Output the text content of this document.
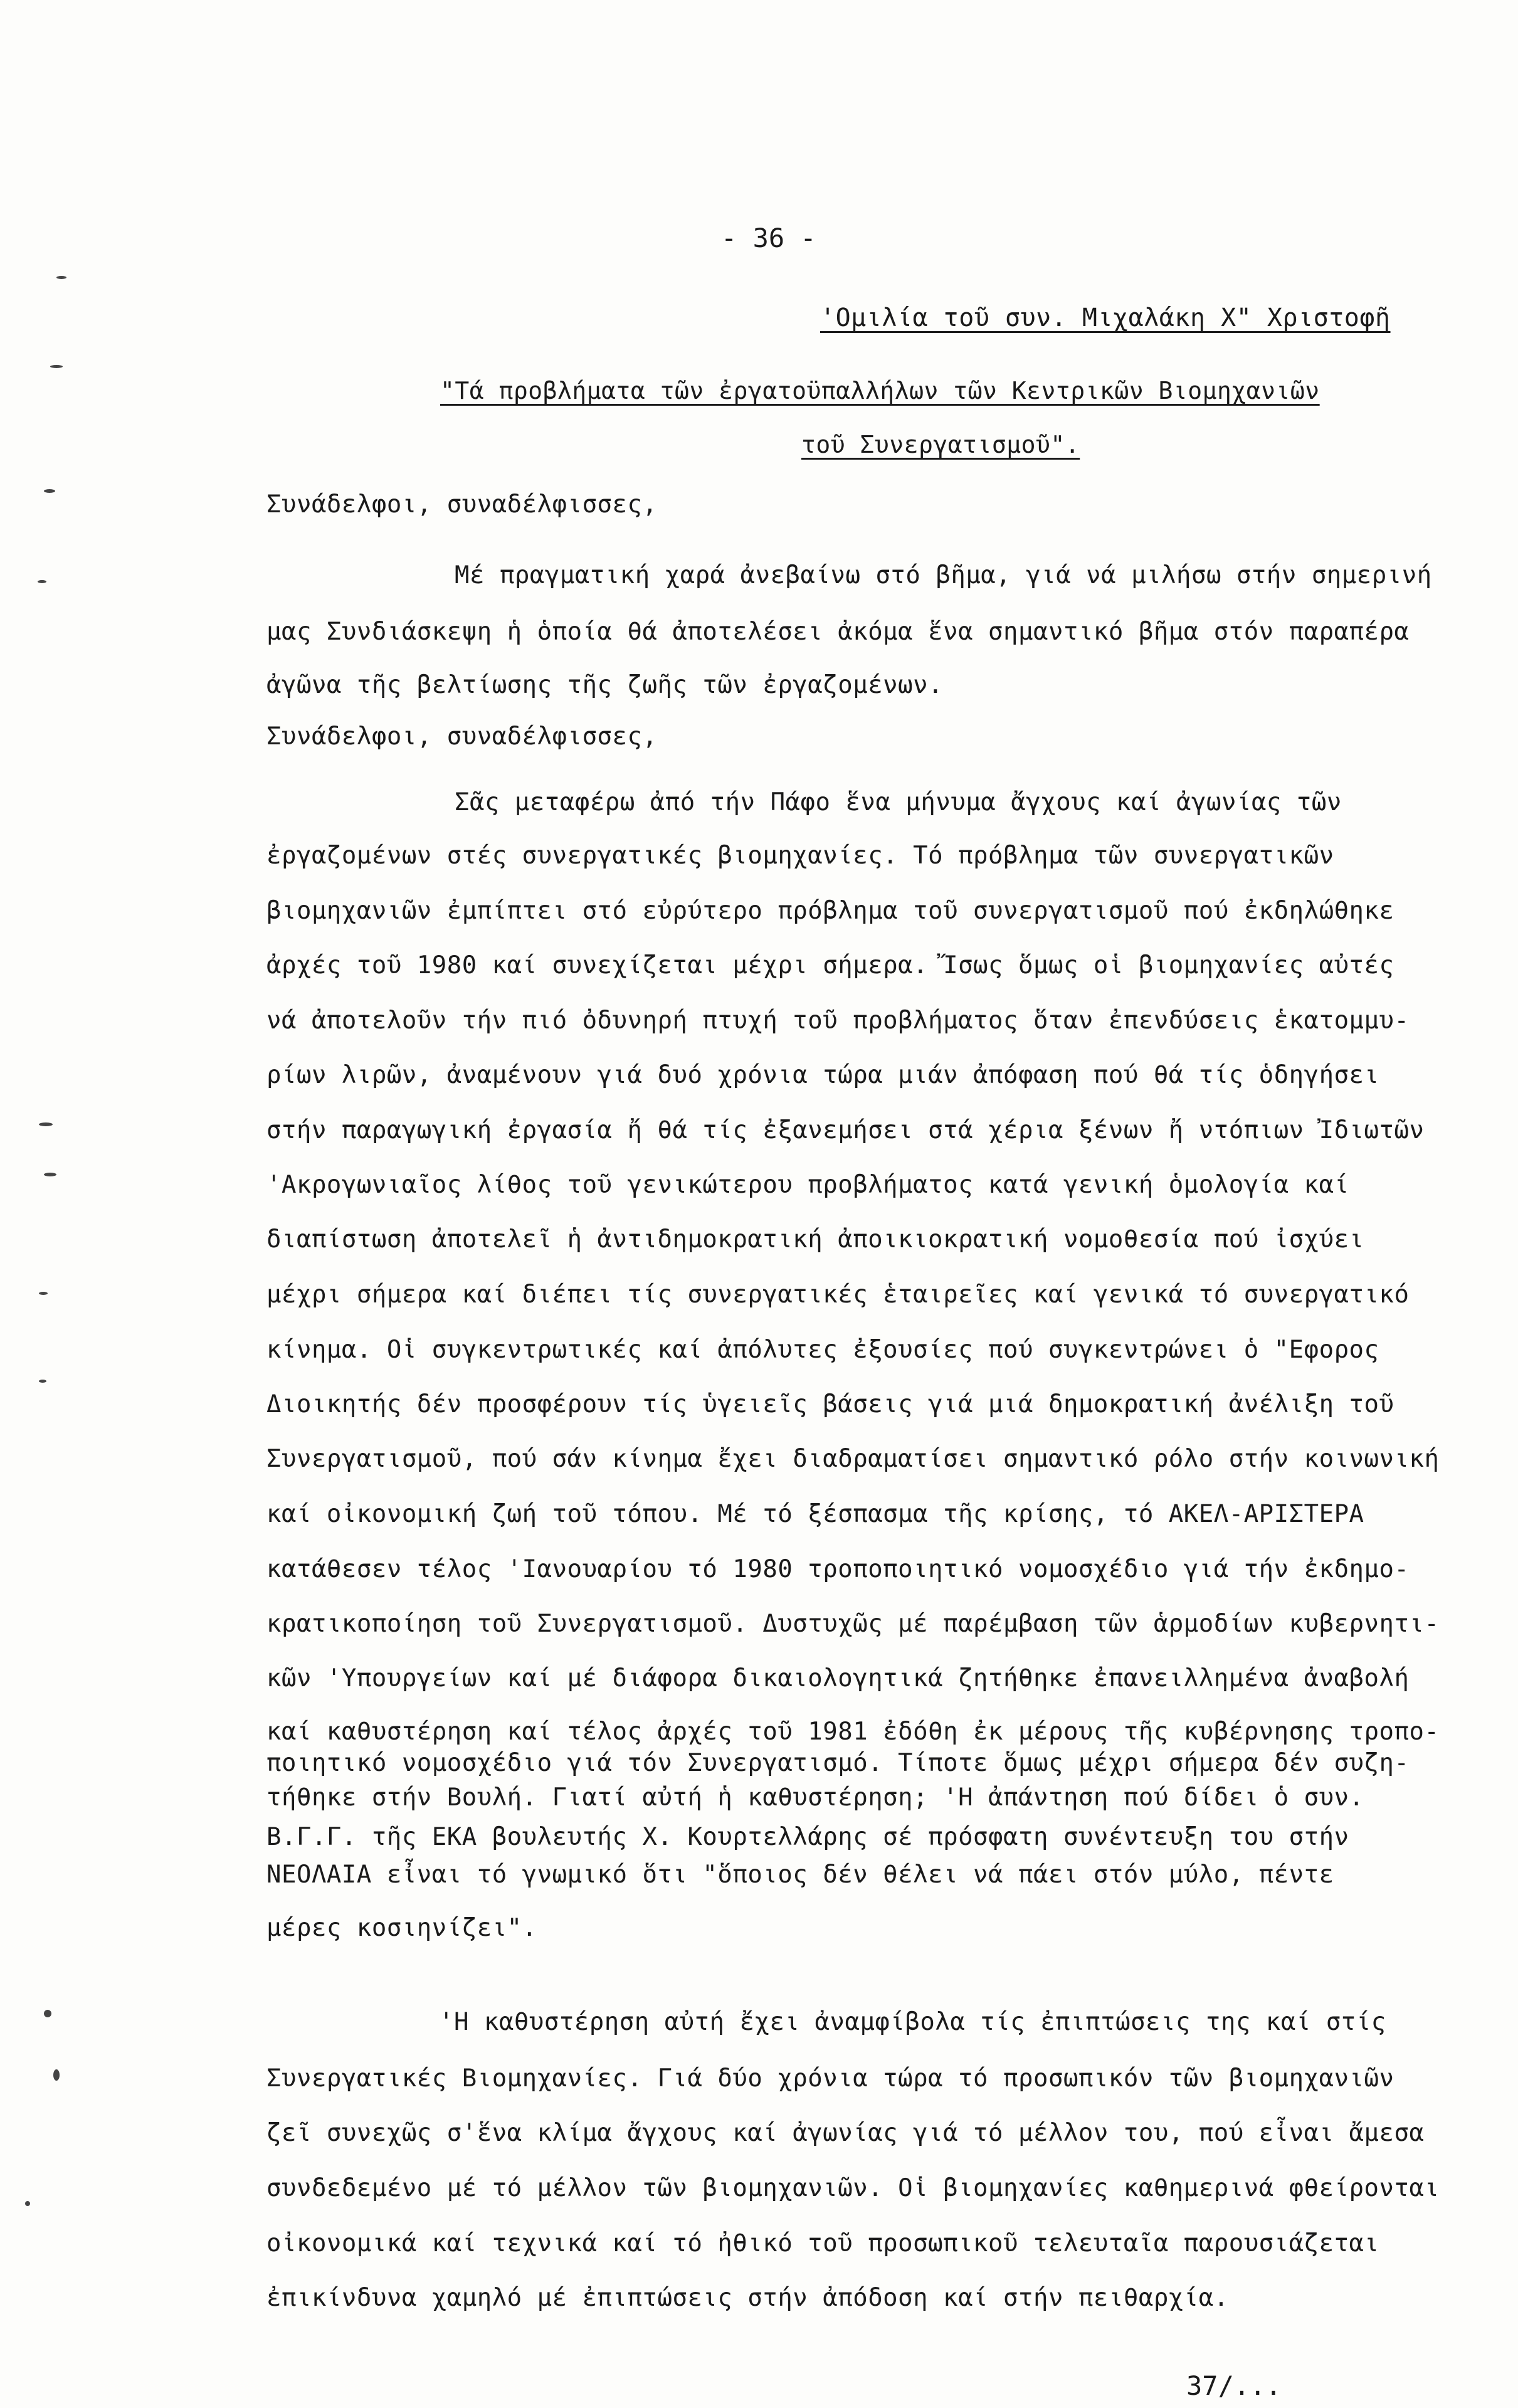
- 36 -
'Ομιλία τοῦ συν. Μιχαλάκη Χ" Χριστοφῆ
"Τά προβλήματα τῶν ἐργατοϋπαλλήλων τῶν Κεντρικῶν Βιομηχανιῶν
τοῦ Συνεργατισμοῦ".
Συνάδελφοι, συναδέλφισσες,
Μέ πραγματική χαρά ἀνεβαίνω στό βῆμα, γιά νά μιλήσω στήν σημερινή
μας Συνδιάσκεψη ἡ ὁποία θά ἀποτελέσει ἀκόμα ἕνα σημαντικό βῆμα στόν παραπέρα
ἀγῶνα τῆς βελτίωσης τῆς ζωῆς τῶν ἐργαζομένων.
Συνάδελφοι, συναδέλφισσες,
Σᾶς μεταφέρω ἀπό τήν Πάφο ἕνα μήνυμα ἄγχους καί ἀγωνίας τῶν
ἐργαζομένων στές συνεργατικές βιομηχανίες. Τό πρόβλημα τῶν συνεργατικῶν
βιομηχανιῶν ἐμπίπτει στό εὐρύτερο πρόβλημα τοῦ συνεργατισμοῦ πού ἐκδηλώθηκε
ἀρχές τοῦ 1980 καί συνεχίζεται μέχρι σήμερα. Ἴσως ὅμως οἱ βιομηχανίες αὐτές
νά ἀποτελοῦν τήν πιό ὀδυνηρή πτυχή τοῦ προβλήματος ὅταν ἐπενδύσεις ἑκατομμυ-
ρίων λιρῶν, ἀναμένουν γιά δυό χρόνια τώρα μιάν ἀπόφαση πού θά τίς ὁδηγήσει
στήν παραγωγική ἐργασία ἤ θά τίς ἐξανεμήσει στά χέρια ξένων ἤ ντόπιων Ἰδιωτῶν
'Ακρογωνιαῖος λίθος τοῦ γενικώτερου προβλήματος κατά γενική ὁμολογία καί
διαπίστωση ἀποτελεῖ ἡ ἀντιδημοκρατική ἀποικιοκρατική νομοθεσία πού ἰσχύει
μέχρι σήμερα καί διέπει τίς συνεργατικές ἑταιρεῖες καί γενικά τό συνεργατικό
κίνημα. Οἱ συγκεντρωτικές καί ἀπόλυτες ἐξουσίες πού συγκεντρώνει ὁ "Εφορος
Διοικητής δέν προσφέρουν τίς ὑγειεῖς βάσεις γιά μιά δημοκρατική ἀνέλιξη τοῦ
Συνεργατισμοῦ, πού σάν κίνημα ἔχει διαδραματίσει σημαντικό ρόλο στήν κοινωνική
καί οἰκονομική ζωή τοῦ τόπου. Μέ τό ξέσπασμα τῆς κρίσης, τό ΑΚΕΛ-ΑΡΙΣΤΕΡΑ
κατάθεσεν τέλος 'Ιανουαρίου τό 1980 τροποποιητικό νομοσχέδιο γιά τήν ἐκδημο-
κρατικοποίηση τοῦ Συνεργατισμοῦ. Δυστυχῶς μέ παρέμβαση τῶν ἁρμοδίων κυβερνητι-
κῶν 'Υπουργείων καί μέ διάφορα δικαιολογητικά ζητήθηκε ἐπανειλλημένα ἀναβολή
καί καθυστέρηση καί τέλος ἀρχές τοῦ 1981 ἐδόθη ἐκ μέρους τῆς κυβέρνησης τροπο-
ποιητικό νομοσχέδιο γιά τόν Συνεργατισμό. Τίποτε ὅμως μέχρι σήμερα δέν συζη-
τήθηκε στήν Βουλή. Γιατί αὐτή ἡ καθυστέρηση; 'Η ἀπάντηση πού δίδει ὁ συν.
Β.Γ.Γ. τῆς ΕΚΑ βουλευτής Χ. Κουρτελλάρης σέ πρόσφατη συνέντευξη του στήν
ΝΕΟΛΑΙΑ εἶναι τό γνωμικό ὅτι "ὅποιος δέν θέλει νά πάει στόν μύλο, πέντε
μέρες κοσιηνίζει".
'Η καθυστέρηση αὐτή ἔχει ἀναμφίβολα τίς ἐπιπτώσεις της καί στίς
Συνεργατικές Βιομηχανίες. Γιά δύο χρόνια τώρα τό προσωπικόν τῶν βιομηχανιῶν
ζεῖ συνεχῶς σ'ἕνα κλίμα ἄγχους καί ἀγωνίας γιά τό μέλλον του, πού εἶναι ἄμεσα
συνδεδεμένο μέ τό μέλλον τῶν βιομηχανιῶν. Οἱ βιομηχανίες καθημερινά φθείρονται
οἰκονομικά καί τεχνικά καί τό ἠθικό τοῦ προσωπικοῦ τελευταῖα παρουσιάζεται
ἐπικίνδυνα χαμηλό μέ ἐπιπτώσεις στήν ἀπόδοση καί στήν πειθαρχία.
37/...
